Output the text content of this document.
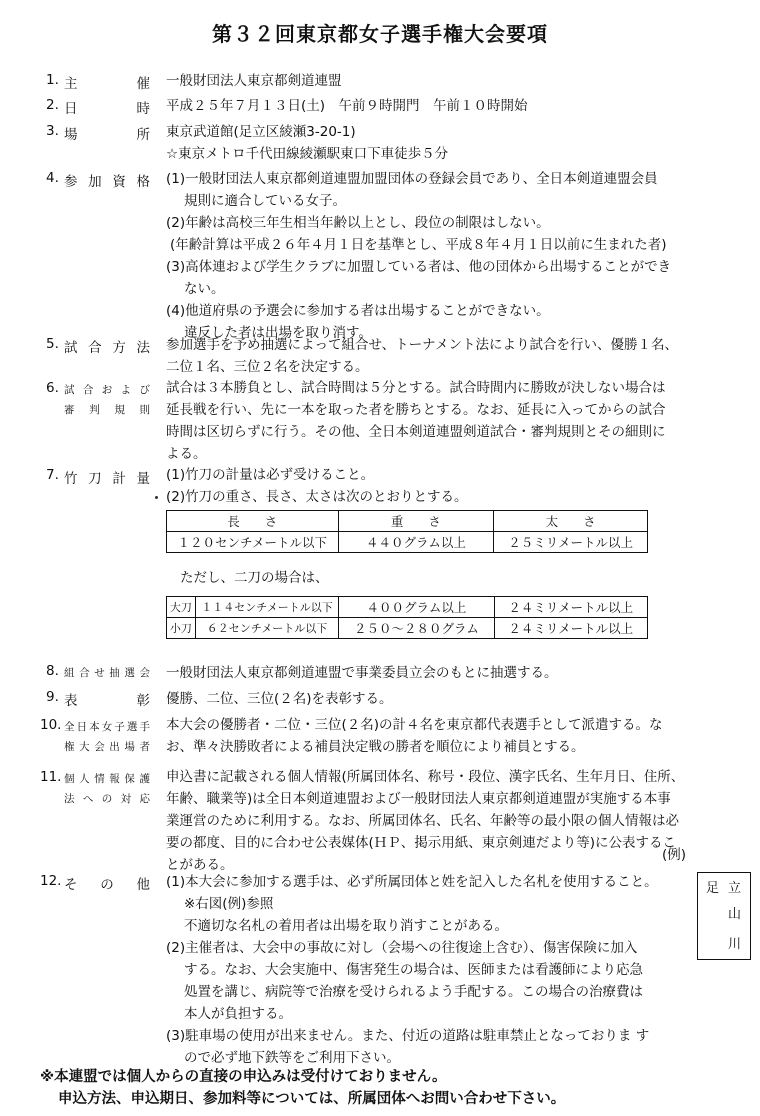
第３２回東京都女子選手権大会要項
1. 主	催 一般財団法人東京都剣道連盟

2. 日	時 平成２５年７月１３日(土)　午前９時開門　午前１０時開始

3. 場	所 東京武道館(足立区綾瀬3-20-1)

☆東京メトロ千代田線綾瀬駅東口下車徒歩５分

4. 参 加 資 格 (1)一般財団法人東京都剣道連盟加盟団体の登録会員であり、全日本剣道連盟会員

規則に適合している女子。

(2)年齢は高校三年生相当年齢以上とし、段位の制限はしない。

(年齢計算は平成２６年４月１日を基準とし、平成８年４月１日以前に生まれた者)

(3)高体連および学生クラブに加盟している者は、他の団体から出場することができ

ない。

(4)他道府県の予選会に参加する者は出場することができない。

違反した者は出場を取り消す。

5. 試 合 方 法 参加選手を予め抽選によって組合せ、トーナメント法により試合を行い、優勝１名、

二位１名、三位２名を決定する。

6. 試 合 お よ び
審 判 規 則

試合は３本勝負とし、試合時間は５分とする。試合時間内に勝敗が決しない場合は

延長戦を行い、先に一本を取った者を勝ちとする。なお、延長に入ってからの試合

時間は区切らずに行う。その他、全日本剣道連盟剣道試合・審判規則とその細則に

よる。

7. 竹 刀 計 量 (1)竹刀の計量は必ず受けること。

(2)竹刀の重さ、長さ、太さは次のとおりとする。

長　　さ	重　　さ	太　　さ
１２０センチメートル以下	４４０グラム以上	２５ミリメートル以上
ただし、二刀の場合は、
大刀	１１４センチメートル以下	４００グラム以上	２４ミリメートル以上
小刀	６２センチメートル以下	２５０～２８０グラム	２４ミリメートル以上
8. 組 合 せ 抽 選 会 一般財団法人東京都剣道連盟で事業委員立会のもとに抽選する。

9. 表	彰 優勝、二位、三位(２名)を表彰する。

10. 全 日 本 女 子 選 手
権 大 会 出 場 者

本大会の優勝者・二位・三位(２名)の計４名を東京都代表選手として派遣する。な

お、準々決勝敗者による補員決定戦の勝者を順位により補員とする。

11. 個 人 情 報 保 護
法 へ の 対 応

申込書に記載される個人情報(所属団体名、称号・段位、漢字氏名、生年月日、住所、

年齢、職業等)は全日本剣道連盟および一般財団法人東京都剣道連盟が実施する本事

業運営のために利用する。なお、所属団体名、氏名、年齢等の最小限の個人情報は必

要の都度、目的に合わせ公表媒体(ＨＰ、掲示用紙、東京剣連だより等)に公表するこ

とがある。

(例)
12. そ の 他 (1)本大会に参加する選手は、必ず所属団体と姓を記入した名札を使用すること。

※右図(例)参照

不適切な名札の着用者は出場を取り消すことがある。

(2)主催者は、大会中の事故に対し（会場への往復途上含む）、傷害保険に加入

する。なお、大会実施中、傷害発生の場合は、医師または看護師により応急

処置を講じ、病院等で治療を受けられるよう手配する。この場合の治療費は

本人が負担する。

(3)駐車場の使用が出来ません。また、付近の道路は駐車禁止となっておりま す

ので必ず地下鉄等をご利用下さい。

足 立
山
川
※本連盟では個人からの直接の申込みは受付けておりません。
申込方法、申込期日、参加料等については、所属団体へお問い合わせ下さい。
